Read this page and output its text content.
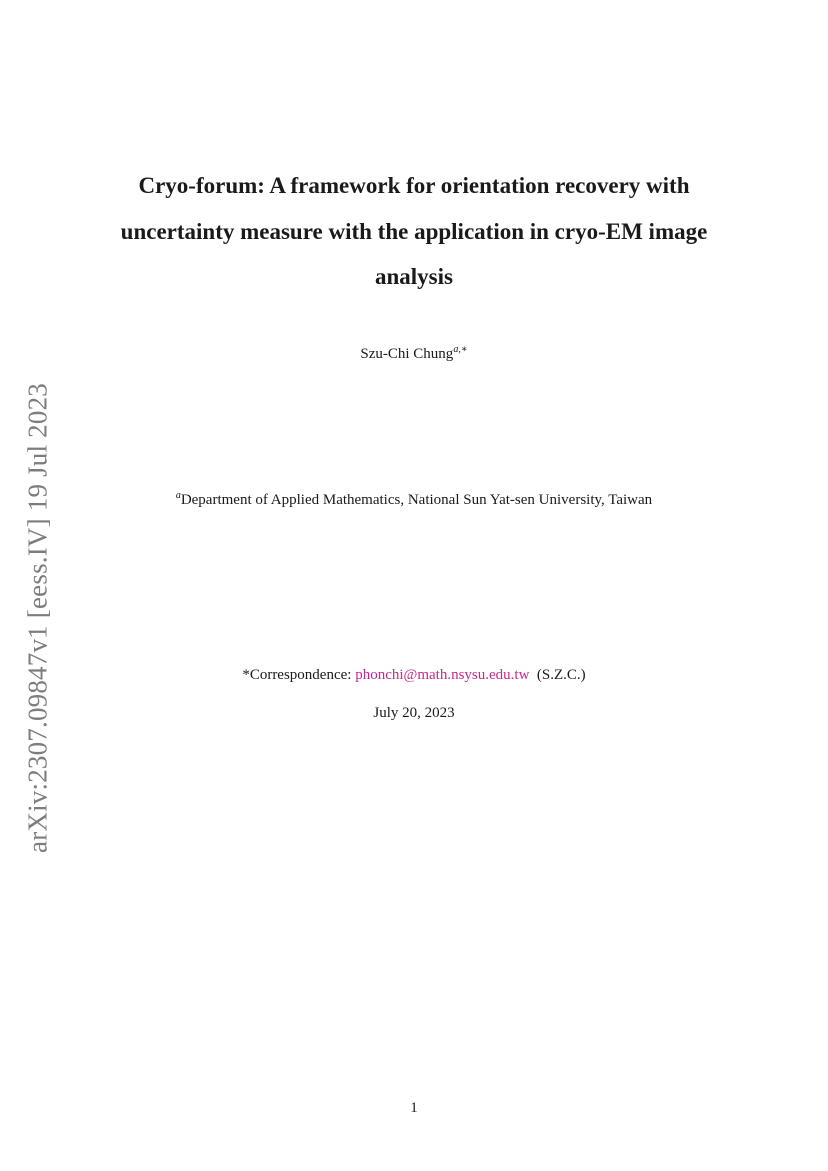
arXiv:2307.09847v1 [eess.IV] 19 Jul 2023
Cryo-forum: A framework for orientation recovery with
uncertainty measure with the application in cryo-EM image
analysis

Szu-Chi Chung$^{a,∗}$

$^a$Department of Applied Mathematics, National Sun Yat-sen University, Taiwan

*Correspondence: phonchi@math.nsysu.edu.tw (S.Z.C.)

July 20, 2023

1
